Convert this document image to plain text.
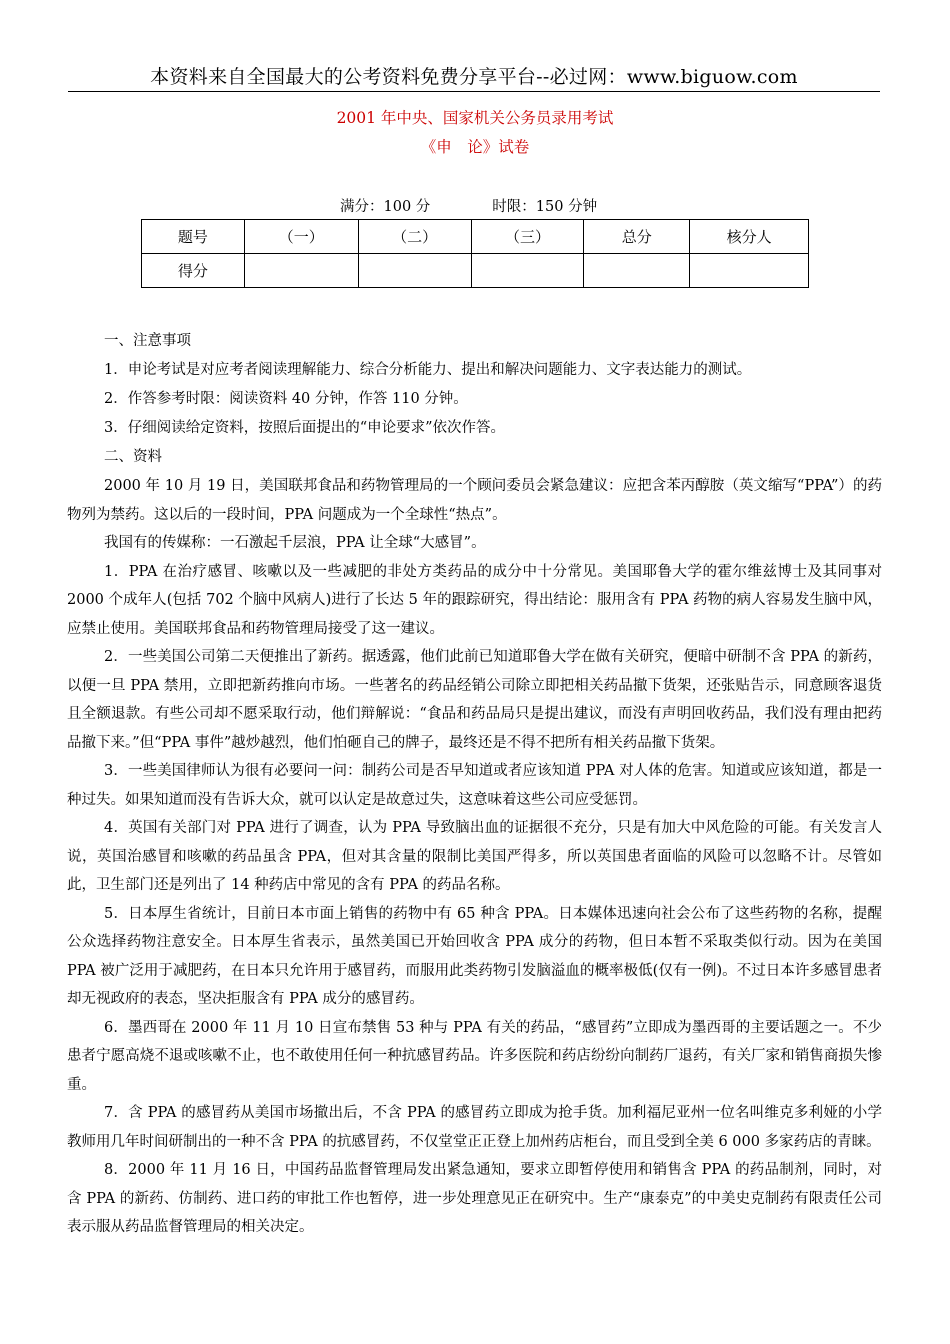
本资料来自全国最大的公考资料免费分享平台--必过网：www.biguow.com
2001 年中央、国家机关公务员录用考试
《申　论》试卷
满分：100 分	时限：150 分钟
题号	（一）	（二）	（三）	总分	核分人
得分					

一、注意事项

1．申论考试是对应考者阅读理解能力、综合分析能力、提出和解决问题能力、文字表达能力的测试。

2．作答参考时限：阅读资料 40 分钟，作答 110 分钟。

3．仔细阅读给定资料，按照后面提出的“申论要求”依次作答。

二、资料

2000 年 10 月 19 日，美国联邦食品和药物管理局的一个顾问委员会紧急建议：应把含苯丙醇胺（英文缩写“PPA”）的药物列为禁药。这以后的一段时间，PPA 问题成为一个全球性“热点”。

我国有的传媒称：一石激起千层浪，PPA 让全球“大感冒”。

1．PPA 在治疗感冒、咳嗽以及一些减肥的非处方类药品的成分中十分常见。美国耶鲁大学的霍尔维兹博士及其同事对 2000 个成年人(包括 702 个脑中风病人)进行了长达 5 年的跟踪研究，得出结论：服用含有 PPA 药物的病人容易发生脑中风，应禁止使用。美国联邦食品和药物管理局接受了这一建议。

2．一些美国公司第二天便推出了新药。据透露，他们此前已知道耶鲁大学在做有关研究，便暗中研制不含 PPA 的新药，以便一旦 PPA 禁用，立即把新药推向市场。一些著名的药品经销公司除立即把相关药品撤下货架，还张贴告示，同意顾客退货且全额退款。有些公司却不愿采取行动，他们辩解说：“食品和药品局只是提出建议，而没有声明回收药品，我们没有理由把药品撤下来。”但“PPA 事件”越炒越烈，他们怕砸自己的牌子，最终还是不得不把所有相关药品撤下货架。

3．一些美国律师认为很有必要问一问：制药公司是否早知道或者应该知道 PPA 对人体的危害。知道或应该知道，都是一种过失。如果知道而没有告诉大众，就可以认定是故意过失，这意味着这些公司应受惩罚。

4．英国有关部门对 PPA 进行了调查，认为 PPA 导致脑出血的证据很不充分，只是有加大中风危险的可能。有关发言人说，英国治感冒和咳嗽的药品虽含 PPA，但对其含量的限制比美国严得多，所以英国患者面临的风险可以忽略不计。尽管如此，卫生部门还是列出了 14 种药店中常见的含有 PPA 的药品名称。

5．日本厚生省统计，目前日本市面上销售的药物中有 65 种含 PPA。日本媒体迅速向社会公布了这些药物的名称，提醒公众选择药物注意安全。日本厚生省表示，虽然美国已开始回收含 PPA 成分的药物，但日本暂不采取类似行动。因为在美国 PPA 被广泛用于减肥药，在日本只允许用于感冒药，而服用此类药物引发脑溢血的概率极低(仅有一例)。不过日本许多感冒患者却无视政府的表态，坚决拒服含有 PPA 成分的感冒药。

6．墨西哥在 2000 年 11 月 10 日宣布禁售 53 种与 PPA 有关的药品，“感冒药”立即成为墨西哥的主要话题之一。不少患者宁愿高烧不退或咳嗽不止，也不敢使用任何一种抗感冒药品。许多医院和药店纷纷向制药厂退药，有关厂家和销售商损失惨重。

7．含 PPA 的感冒药从美国市场撤出后，不含 PPA 的感冒药立即成为抢手货。加利福尼亚州一位名叫维克多利娅的小学教师用几年时间研制出的一种不含 PPA 的抗感冒药，不仅堂堂正正登上加州药店柜台，而且受到全美 6 000 多家药店的青睐。

8．2000 年 11 月 16 日，中国药品监督管理局发出紧急通知，要求立即暂停使用和销售含 PPA 的药品制剂，同时，对含 PPA 的新药、仿制药、进口药的审批工作也暂停，进一步处理意见正在研究中。生产“康泰克”的中美史克制药有限责任公司表示服从药品监督管理局的相关决定。
